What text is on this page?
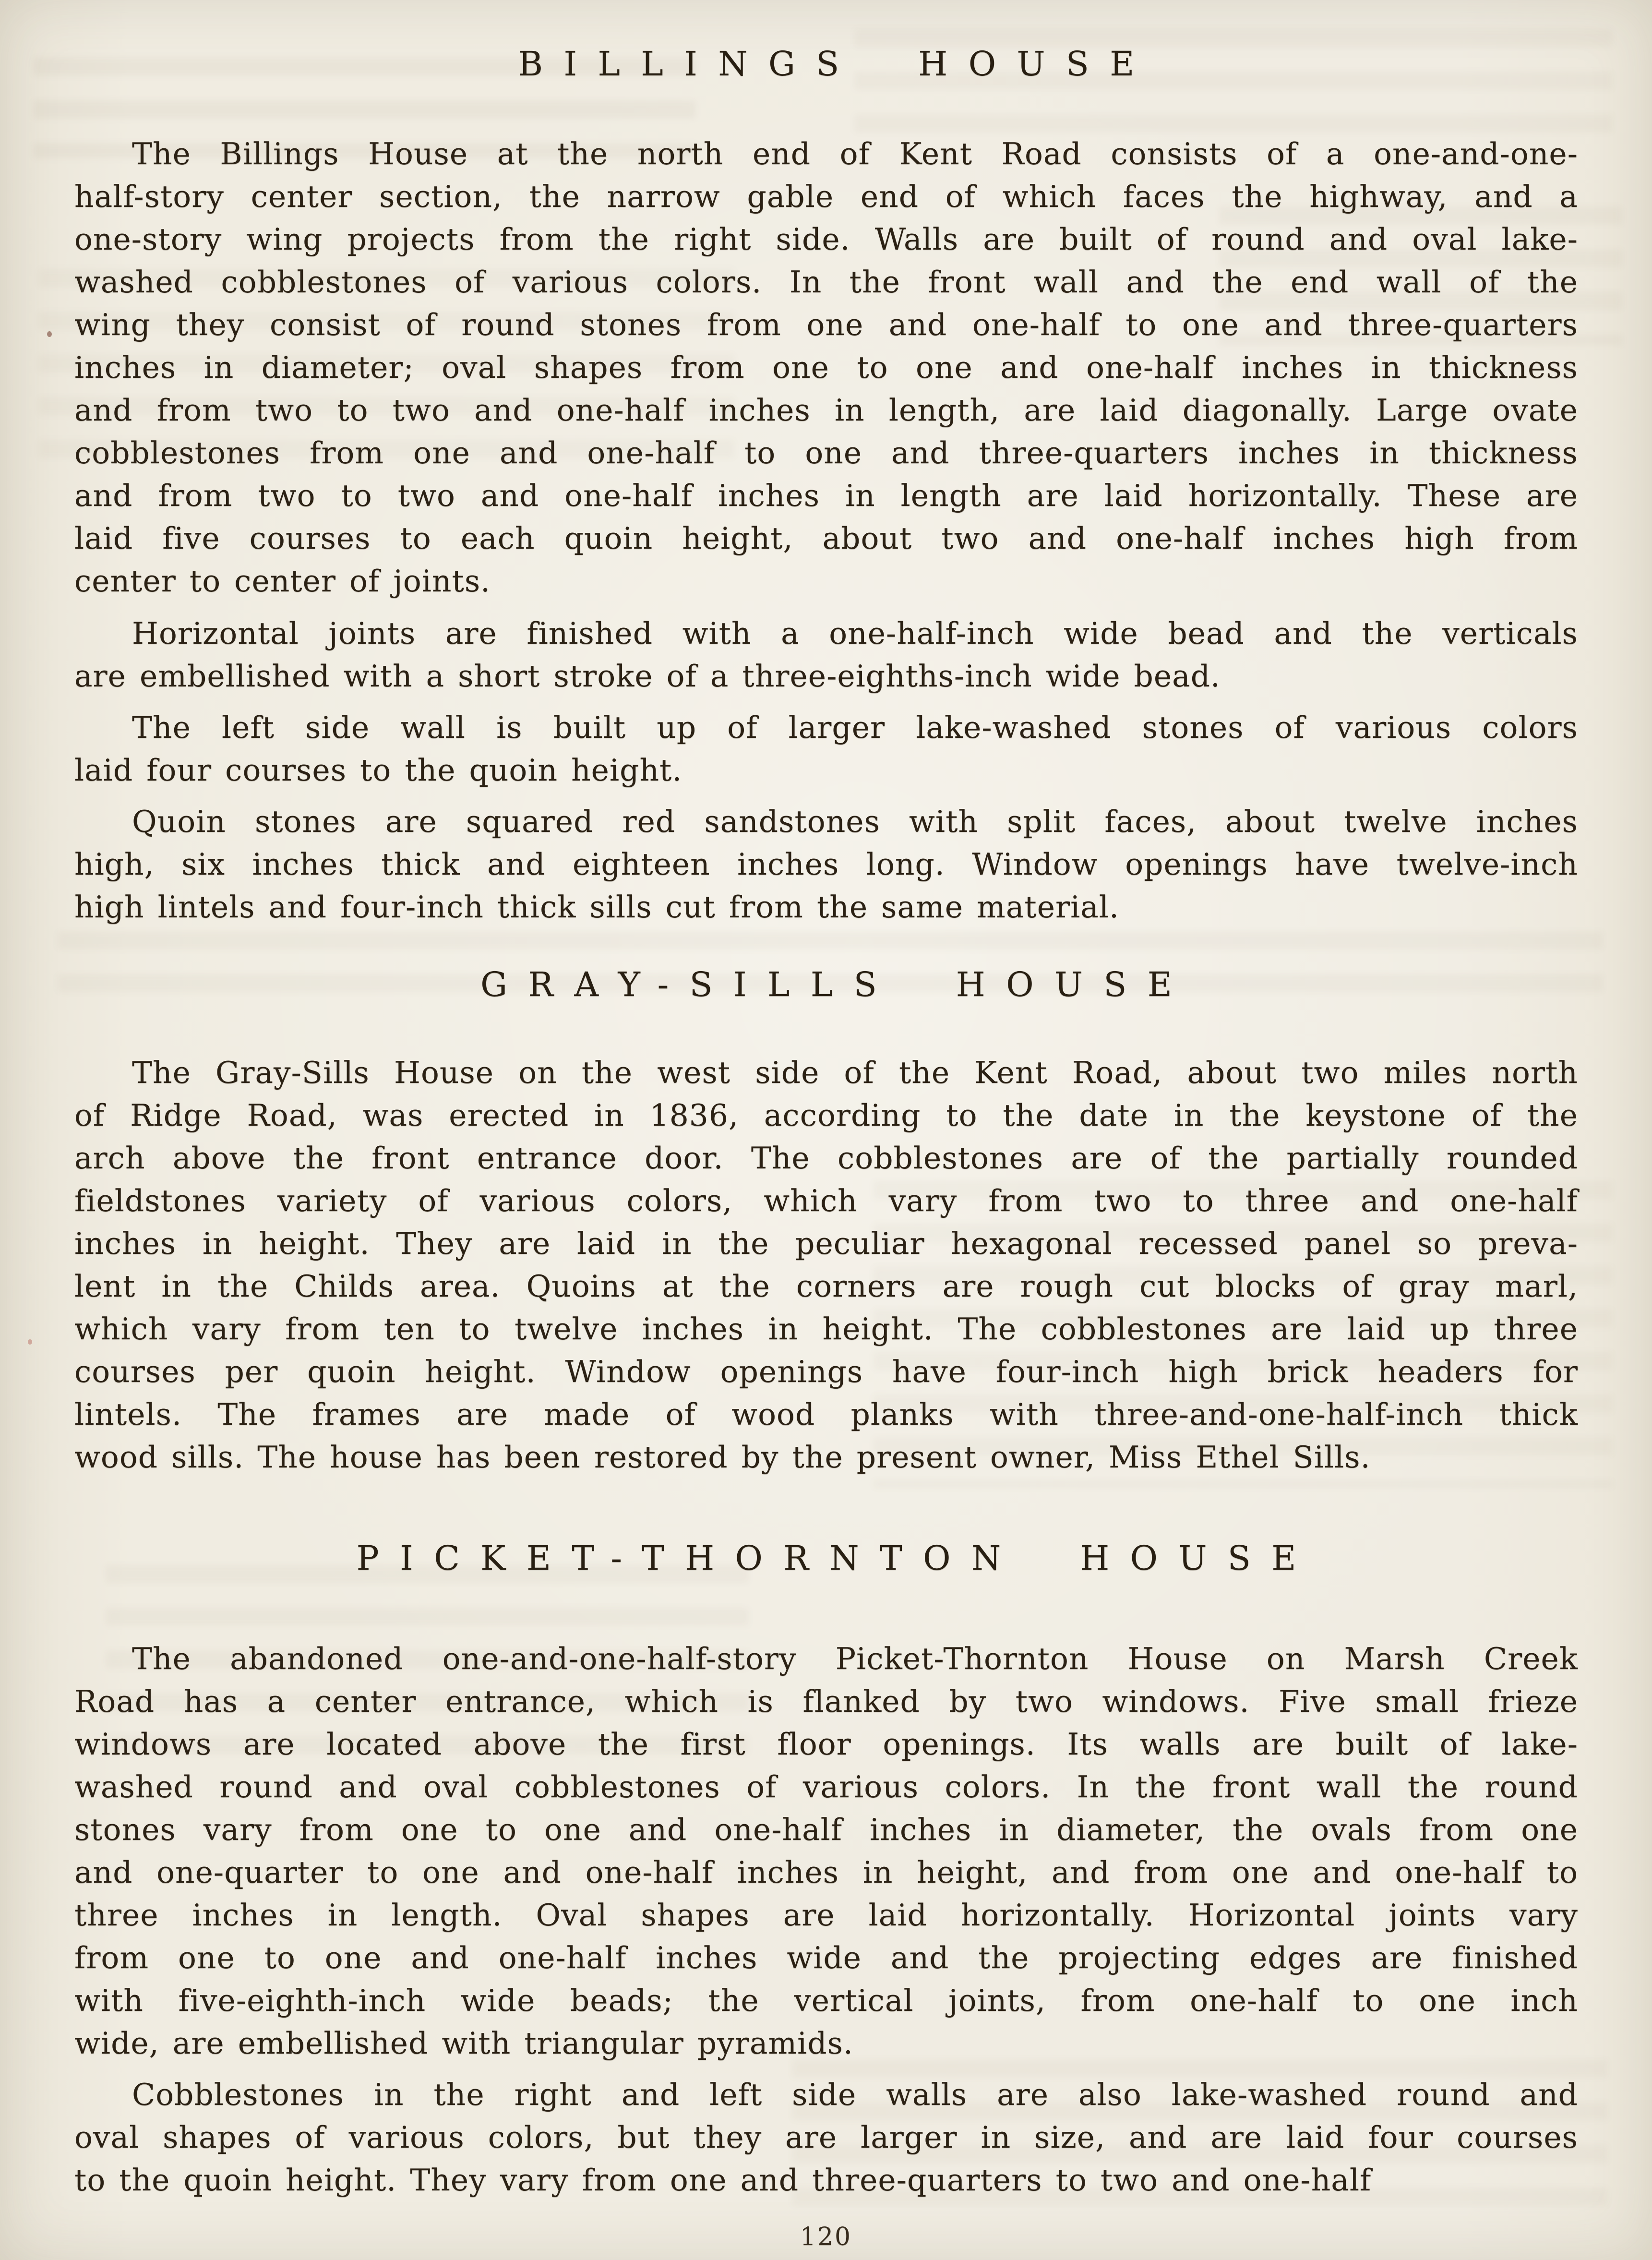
BILLINGS HOUSE
The Billings House at the north end of Kent Road consists of a one-and-one-
half-story center section, the narrow gable end of which faces the highway, and a
one-story wing projects from the right side. Walls are built of round and oval lake-
washed cobblestones of various colors. In the front wall and the end wall of the
wing they consist of round stones from one and one-half to one and three-quarters
inches in diameter; oval shapes from one to one and one-half inches in thickness
and from two to two and one-half inches in length, are laid diagonally. Large ovate
cobblestones from one and one-half to one and three-quarters inches in thickness
and from two to two and one-half inches in length are laid horizontally. These are
laid five courses to each quoin height, about two and one-half inches high from
center to center of joints.
Horizontal joints are finished with a one-half-inch wide bead and the verticals
are embellished with a short stroke of a three-eighths-inch wide bead.
The left side wall is built up of larger lake-washed stones of various colors
laid four courses to the quoin height.
Quoin stones are squared red sandstones with split faces, about twelve inches
high, six inches thick and eighteen inches long. Window openings have twelve-inch
high lintels and four-inch thick sills cut from the same material.
GRAY-SILLS HOUSE
The Gray-Sills House on the west side of the Kent Road, about two miles north
of Ridge Road, was erected in 1836, according to the date in the keystone of the
arch above the front entrance door. The cobblestones are of the partially rounded
fieldstones variety of various colors, which vary from two to three and one-half
inches in height. They are laid in the peculiar hexagonal recessed panel so preva-
lent in the Childs area. Quoins at the corners are rough cut blocks of gray marl,
which vary from ten to twelve inches in height. The cobblestones are laid up three
courses per quoin height. Window openings have four-inch high brick headers for
lintels. The frames are made of wood planks with three-and-one-half-inch thick
wood sills. The house has been restored by the present owner, Miss Ethel Sills.
PICKET-THORNTON HOUSE
The abandoned one-and-one-half-story Picket-Thornton House on Marsh Creek
Road has a center entrance, which is flanked by two windows. Five small frieze
windows are located above the first floor openings. Its walls are built of lake-
washed round and oval cobblestones of various colors. In the front wall the round
stones vary from one to one and one-half inches in diameter, the ovals from one
and one-quarter to one and one-half inches in height, and from one and one-half to
three inches in length. Oval shapes are laid horizontally. Horizontal joints vary
from one to one and one-half inches wide and the projecting edges are finished
with five-eighth-inch wide beads; the vertical joints, from one-half to one inch
wide, are embellished with triangular pyramids.
Cobblestones in the right and left side walls are also lake-washed round and
oval shapes of various colors, but they are larger in size, and are laid four courses
to the quoin height. They vary from one and three-quarters to two and one-half
120
